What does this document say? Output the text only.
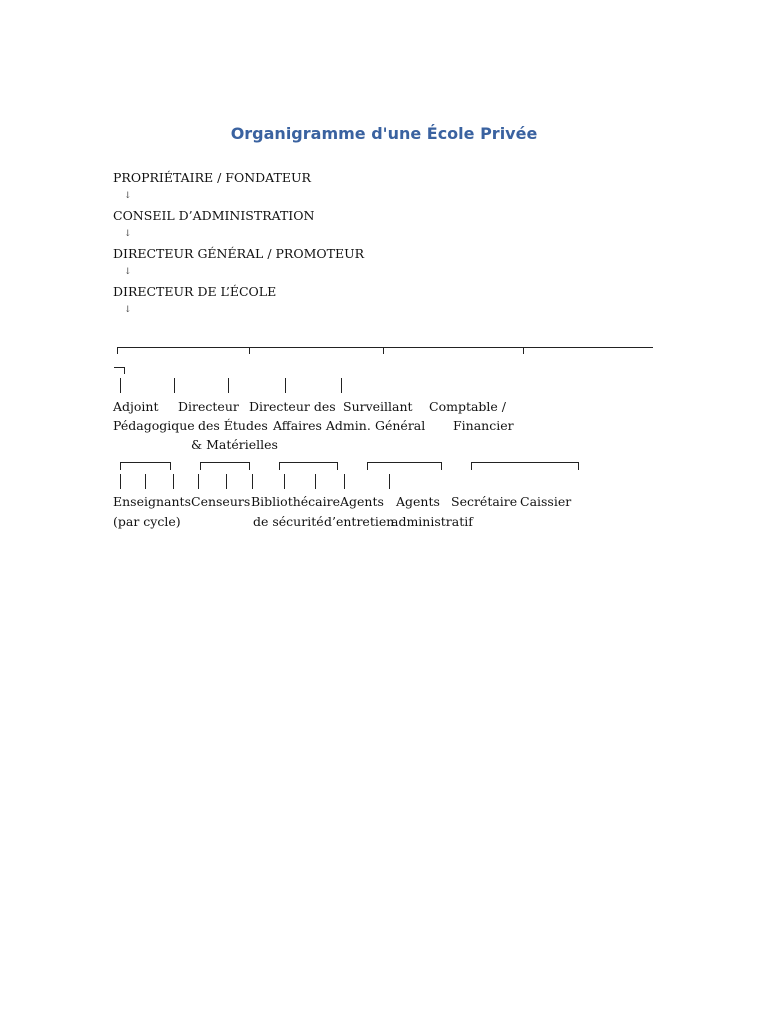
Organigramme d'une École Privée
PROPRIÉTAIRE / FONDATEUR
↓
CONSEIL D’ADMINISTRATION
↓
DIRECTEUR GÉNÉRAL / PROMOTEUR
↓
DIRECTEUR DE L’ÉCOLE
↓
Adjoint
Pédagogique
Directeur
des Études
Directeur des
Affaires Admin.
& Matérielles
Surveillant
Général
Comptable /
Financier
Enseignants
(par cycle)
Censeurs Bibliothécaire Agents
de sécurité
Agents
d’entretien
Secrétaire
administratif
Caissier
